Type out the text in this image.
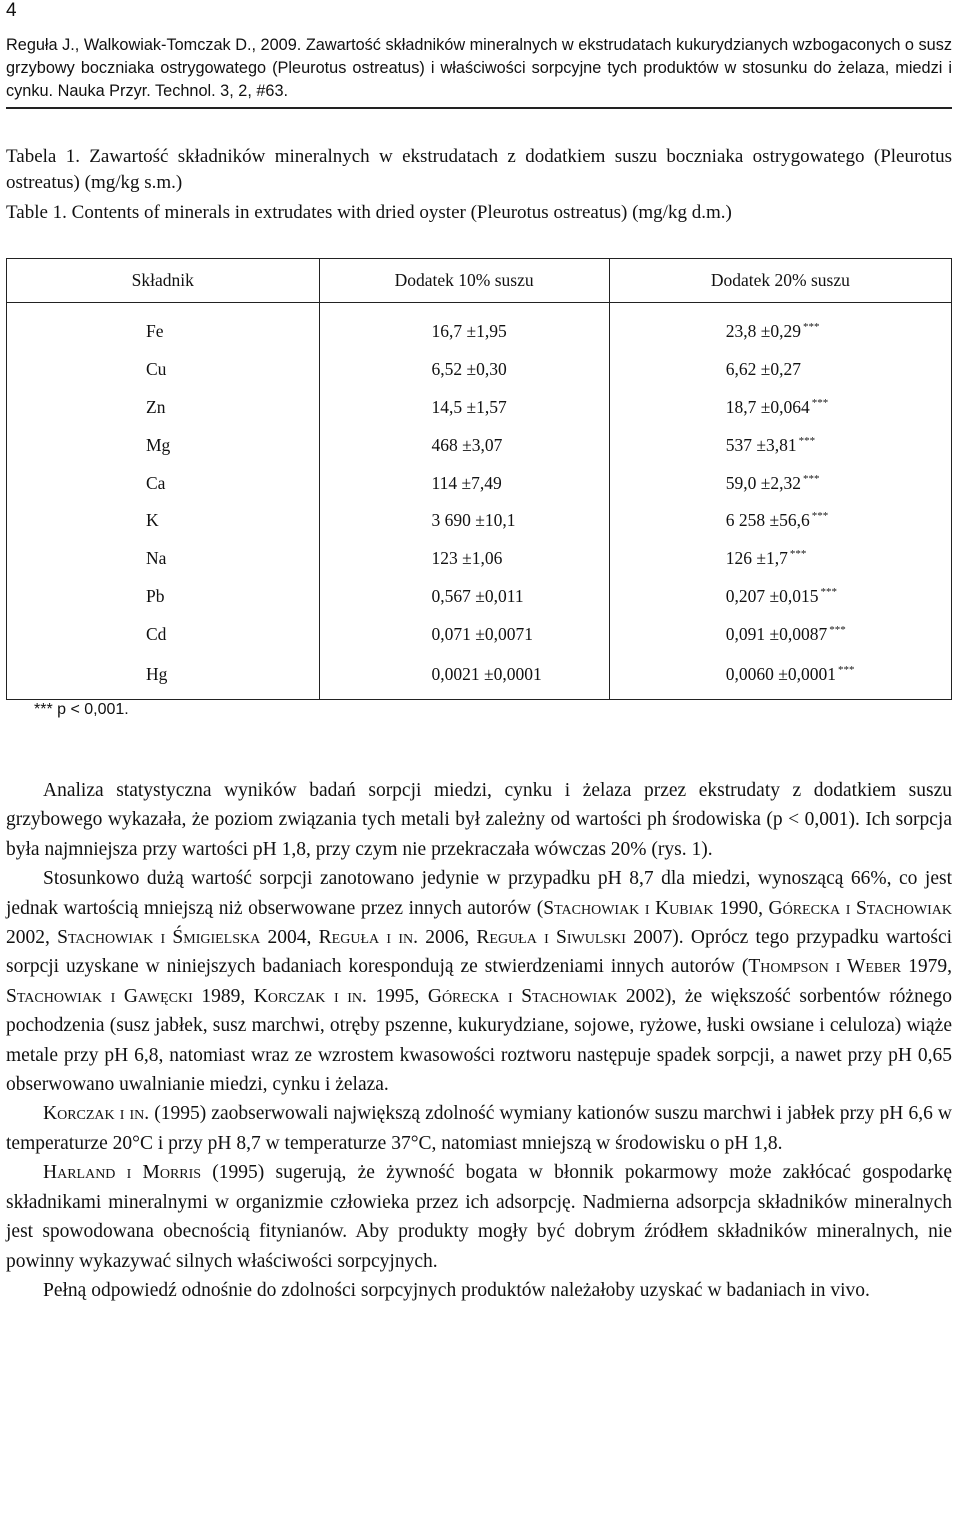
4
Reguła J., Walkowiak-Tomczak D., 2009. Zawartość składników mineralnych w ekstrudatach kukurydzianych wzbogaconych o susz grzybowy boczniaka ostrygowatego (Pleurotus ostreatus) i właściwości sorpcyjne tych produktów w stosunku do żelaza, miedzi i cynku. Nauka Przyr. Technol. 3, 2, #63.
Tabela 1. Zawartość składników mineralnych w ekstrudatach z dodatkiem suszu boczniaka ostrygowatego (Pleurotus ostreatus) (mg/kg s.m.)
Table 1. Contents of minerals in extrudates with dried oyster (Pleurotus ostreatus) (mg/kg d.m.)
Składnik	Dodatek 10% suszu	Dodatek 20% suszu
Fe	16,7 ±1,95	23,8 ±0,29 ***
Cu	6,52 ±0,30	6,62 ±0,27
Zn	14,5 ±1,57	18,7 ±0,064 ***
Mg	468 ±3,07	537 ±3,81 ***
Ca	114 ±7,49	59,0 ±2,32 ***
K	3 690 ±10,1	6 258 ±56,6 ***
Na	123 ±1,06	126 ±1,7 ***
Pb	0,567 ±0,011	0,207 ±0,015 ***
Cd	0,071 ±0,0071	0,091 ±0,0087 ***
Hg	0,0021 ±0,0001	0,0060 ±0,0001 ***
*** p < 0,001.

Analiza statystyczna wyników badań sorpcji miedzi, cynku i żelaza przez ekstrudaty z dodatkiem suszu grzybowego wykazała, że poziom związania tych metali był zależny od wartości ph środowiska (p < 0,001). Ich sorpcja była najmniejsza przy wartości pH 1,8, przy czym nie przekraczała wówczas 20% (rys. 1).

Stosunkowo dużą wartość sorpcji zanotowano jedynie w przypadku pH 8,7 dla miedzi, wynoszącą 66%, co jest jednak wartością mniejszą niż obserwowane przez innych autorów (Stachowiak i Kubiak 1990, Górecka i Stachowiak 2002, Stachowiak i Śmigielska 2004, Reguła i in. 2006, Reguła i Siwulski 2007). Oprócz tego przypadku wartości sorpcji uzyskane w niniejszych badaniach korespondują ze stwierdzeniami innych autorów (Thompson i Weber 1979, Stachowiak i Gawęcki 1989, Korczak i in. 1995, Górecka i Stachowiak 2002), że większość sorbentów różnego pochodzenia (susz jabłek, susz marchwi, otręby pszenne, kukurydziane, sojowe, ryżowe, łuski owsiane i celuloza) wiąże metale przy pH 6,8, natomiast wraz ze wzrostem kwasowości roztworu następuje spadek sorpcji, a nawet przy pH 0,65 obserwowano uwalnianie miedzi, cynku i żelaza.

Korczak i in. (1995) zaobserwowali największą zdolność wymiany kationów suszu marchwi i jabłek przy pH 6,6 w temperaturze 20°C i przy pH 8,7 w temperaturze 37°C, natomiast mniejszą w środowisku o pH 1,8.

Harland i Morris (1995) sugerują, że żywność bogata w błonnik pokarmowy może zakłócać gospodarkę składnikami mineralnymi w organizmie człowieka przez ich adsorpcję. Nadmierna adsorpcja składników mineralnych jest spowodowana obecnością fitynianów. Aby produkty mogły być dobrym źródłem składników mineralnych, nie powinny wykazywać silnych właściwości sorpcyjnych.

Pełną odpowiedź odnośnie do zdolności sorpcyjnych produktów należałoby uzyskać w badaniach in vivo.
